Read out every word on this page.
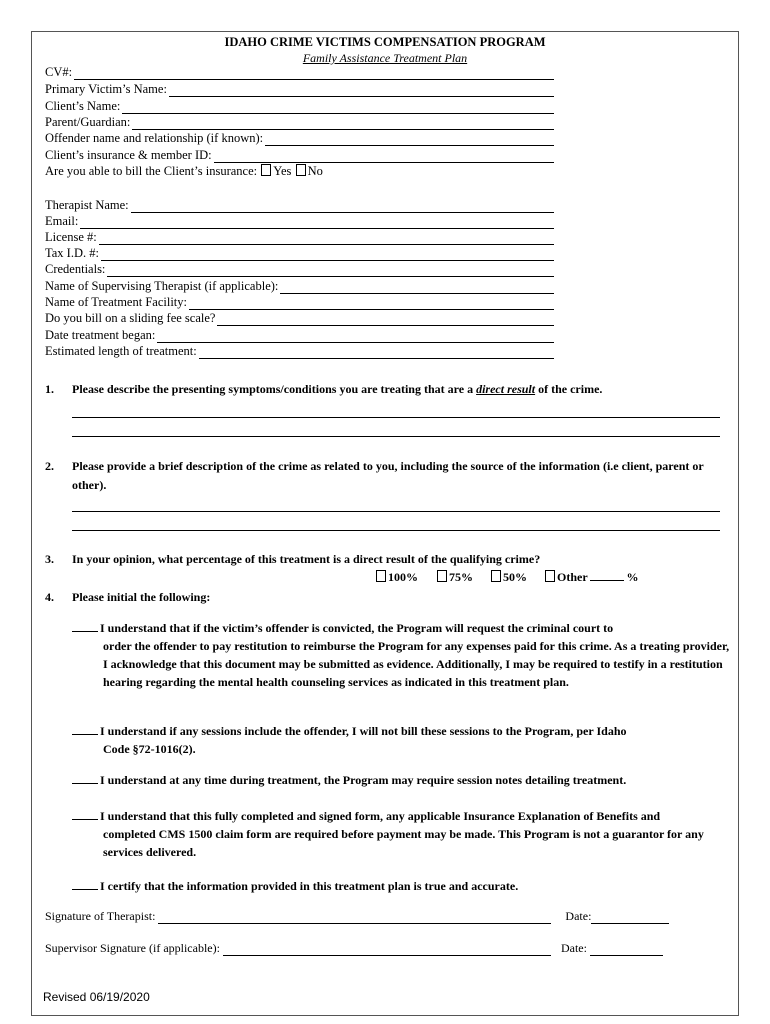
IDAHO CRIME VICTIMS COMPENSATION PROGRAM
Family Assistance Treatment Plan
CV#:
Primary Victim’s Name:
Client’s Name:
Parent/Guardian:
Offender name and relationship (if known):
Client’s insurance & member ID:
Are you able to bill the Client’s insurance: Yes No
Therapist Name:
Email:
License #:
Tax I.D. #:
Credentials:
Name of Supervising Therapist (if applicable):
Name of Treatment Facility:
Do you bill on a sliding fee scale?
Date treatment began:
Estimated length of treatment:
1. Please describe the presenting symptoms/conditions you are treating that are a direct result of the crime.
2. Please provide a brief description of the crime as related to you, including the source of the information (i.e client, parent or other).
3. In your opinion, what percentage of this treatment is a direct result of the qualifying crime?
100%	75%	50%	Other	%
4. Please initial the following:
I understand that if the victim’s offender is convicted, the Program will request the criminal court to
order the offender to pay restitution to reimburse the Program for any expenses paid for this crime. As a treating provider, I acknowledge that this document may be submitted as evidence. Additionally, I may be required to testify in a restitution hearing regarding the mental health counseling services as indicated in this treatment plan.
I understand if any sessions include the offender, I will not bill these sessions to the Program, per Idaho
Code §72-1016(2).
I understand at any time during treatment, the Program may require session notes detailing treatment.
I understand that this fully completed and signed form, any applicable Insurance Explanation of Benefits and
completed CMS 1500 claim form are required before payment may be made. This Program is not a guarantor for any services delivered.
I certify that the information provided in this treatment plan is true and accurate.
Signature of Therapist:	Date:
Supervisor Signature (if applicable):	Date:
Revised 06/19/2020
